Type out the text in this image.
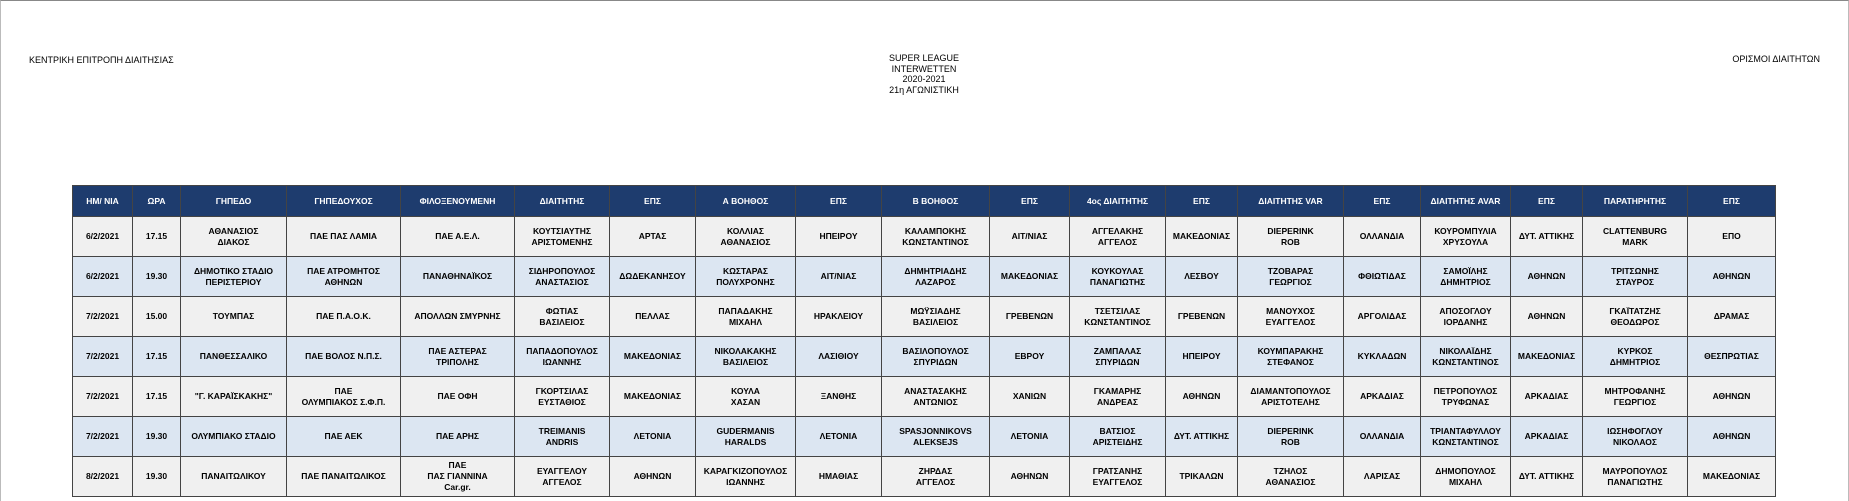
ΚΕΝΤΡΙΚΗ ΕΠΙΤΡΟΠΗ ΔΙΑΙΤΗΣΙΑΣ	SUPER LEAGUE
INTERWETTEN
2020-2021
21η ΑΓΩΝΙΣΤΙΚΗ
ΟΡΙΣΜΟΙ ΔΙΑΙΤΗΤΩΝ
ΗΜ/ ΝΙΑ	ΩΡΑ	ΓΗΠΕΔΟ	ΓΗΠΕΔΟΥΧΟΣ	ΦΙΛΟΞΕΝΟΥΜΕΝΗ	ΔΙΑΙΤΗΤΗΣ	ΕΠΣ	Α ΒΟΗΘΟΣ	ΕΠΣ	Β ΒΟΗΘΟΣ	ΕΠΣ	4ος ΔΙΑΙΤΗΤΗΣ	ΕΠΣ	ΔΙΑΙΤΗΤΗΣ VAR	ΕΠΣ	ΔΙΑΙΤΗΤΗΣ AVAR	ΕΠΣ	ΠΑΡΑΤΗΡΗΤΗΣ	ΕΠΣ

6/2/2021	17.15	ΑΘΑΝΑΣΙΟΣ
ΔΙΑΚΟΣ	ΠΑΕ ΠΑΣ ΛΑΜΙΑ	ΠΑΕ Α.Ε.Λ.	ΚΟΥΤΣΙΑΥΤΗΣ
ΑΡΙΣΤΟΜΕΝΗΣ	ΑΡΤΑΣ	ΚΟΛΛΙΑΣ
ΑΘΑΝΑΣΙΟΣ	ΗΠΕΙΡΟΥ	ΚΑΛΑΜΠΟΚΗΣ
ΚΩΝΣΤΑΝΤΙΝΟΣ	ΑΙΤ/ΝΙΑΣ	ΑΓΓΕΛΑΚΗΣ
ΑΓΓΕΛΟΣ	ΜΑΚΕΔΟΝΙΑΣ	DIEPERINK
ROB	ΟΛΛΑΝΔΙΑ	ΚΟΥΡΟΜΠΥΛΙΑ
ΧΡΥΣΟΥΛΑ	ΔΥΤ. ΑΤΤΙΚΗΣ	CLATTENBURG
MARK	ΕΠΟ

6/2/2021	19.30	ΔΗΜΟΤΙΚΟ ΣΤΑΔΙΟ
ΠΕΡΙΣΤΕΡΙΟΥ	ΠΑΕ ΑΤΡΟΜΗΤΟΣ
ΑΘΗΝΩΝ	ΠΑΝΑΘΗΝΑΪΚΟΣ	ΣΙΔΗΡΟΠΟΥΛΟΣ
ΑΝΑΣΤΑΣΙΟΣ	ΔΩΔΕΚΑΝΗΣΟΥ	ΚΩΣΤΑΡΑΣ
ΠΟΛΥΧΡΟΝΗΣ	ΑΙΤ/ΝΙΑΣ	ΔΗΜΗΤΡΙΑΔΗΣ
ΛΑΖΑΡΟΣ	ΜΑΚΕΔΟΝΙΑΣ	ΚΟΥΚΟΥΛΑΣ
ΠΑΝΑΓΙΩΤΗΣ	ΛΕΣΒΟΥ	ΤΖΟΒΑΡΑΣ
ΓΕΩΡΓΙΟΣ	ΦΘΙΩΤΙΔΑΣ	ΣΑΜΟΪΛΗΣ
ΔΗΜΗΤΡΙΟΣ	ΑΘΗΝΩΝ	ΤΡΙΤΣΩΝΗΣ
ΣΤΑΥΡΟΣ	ΑΘΗΝΩΝ

7/2/2021	15.00	ΤΟΥΜΠΑΣ	ΠΑΕ Π.Α.Ο.Κ.	ΑΠΟΛΛΩΝ ΣΜΥΡΝΗΣ	ΦΩΤΙΑΣ
ΒΑΣΙΛΕΙΟΣ	ΠΕΛΛΑΣ	ΠΑΠΑΔΑΚΗΣ
ΜΙΧΑΗΛ	ΗΡΑΚΛΕΙΟΥ	ΜΩΫΣΙΑΔΗΣ
ΒΑΣΙΛΕΙΟΣ	ΓΡΕΒΕΝΩΝ	ΤΣΕΤΣΙΛΑΣ
ΚΩΝΣΤΑΝΤΙΝΟΣ	ΓΡΕΒΕΝΩΝ	ΜΑΝΟΥΧΟΣ
ΕΥΑΓΓΕΛΟΣ	ΑΡΓΟΛΙΔΑΣ	ΑΠΟΣΟΓΛΟΥ
ΙΟΡΔΑΝΗΣ	ΑΘΗΝΩΝ	ΓΚΑΪΤΑΤΖΗΣ
ΘΕΟΔΩΡΟΣ	ΔΡΑΜΑΣ

7/2/2021	17.15	ΠΑΝΘΕΣΣΑΛΙΚΟ	ΠΑΕ ΒΟΛΟΣ Ν.Π.Σ.	ΠΑΕ ΑΣΤΕΡΑΣ
ΤΡΙΠΟΛΗΣ	ΠΑΠΑΔΟΠΟΥΛΟΣ
ΙΩΑΝΝΗΣ	ΜΑΚΕΔΟΝΙΑΣ	ΝΙΚΟΛΑΚΑΚΗΣ
ΒΑΣΙΛΕΙΟΣ	ΛΑΣΙΘΙΟΥ	ΒΑΣΙΛΟΠΟΥΛΟΣ
ΣΠΥΡΙΔΩΝ	ΕΒΡΟΥ	ΖΑΜΠΑΛΑΣ
ΣΠΥΡΙΔΩΝ	ΗΠΕΙΡΟΥ	ΚΟΥΜΠΑΡΑΚΗΣ
ΣΤΕΦΑΝΟΣ	ΚΥΚΛΑΔΩΝ	ΝΙΚΟΛΑΪΔΗΣ
ΚΩΝΣΤΑΝΤΙΝΟΣ	ΜΑΚΕΔΟΝΙΑΣ	ΚΥΡΚΟΣ
ΔΗΜΗΤΡΙΟΣ	ΘΕΣΠΡΩΤΙΑΣ

7/2/2021	17.15	"Γ. ΚΑΡΑΪΣΚΑΚΗΣ"	ΠΑΕ
ΟΛΥΜΠΙΑΚΟΣ Σ.Φ.Π.	ΠΑΕ ΟΦΗ	ΓΚΟΡΤΣΙΛΑΣ
ΕΥΣΤΑΘΙΟΣ	ΜΑΚΕΔΟΝΙΑΣ	ΚΟΥΛΑ
ΧΑΣΑΝ	ΞΑΝΘΗΣ	ΑΝΑΣΤΑΣΑΚΗΣ
ΑΝΤΩΝΙΟΣ	ΧΑΝΙΩΝ	ΓΚΑΜΑΡΗΣ
ΑΝΔΡΕΑΣ	ΑΘΗΝΩΝ	ΔΙΑΜΑΝΤΟΠΟΥΛΟΣ
ΑΡΙΣΤΟΤΕΛΗΣ	ΑΡΚΑΔΙΑΣ	ΠΕΤΡΟΠΟΥΛΟΣ
ΤΡΥΦΩΝΑΣ	ΑΡΚΑΔΙΑΣ	ΜΗΤΡΟΦΑΝΗΣ
ΓΕΩΡΓΙΟΣ	ΑΘΗΝΩΝ

7/2/2021	19.30	ΟΛΥΜΠΙΑΚΟ ΣΤΑΔΙΟ	ΠΑΕ ΑΕΚ	ΠΑΕ ΑΡΗΣ	TREIMANIS
ANDRIS	ΛΕΤΟΝΙΑ	GUDERMANIS
HARALDS	ΛΕΤΟΝΙΑ	SPASJONNIKOVS
ALEKSEJS	ΛΕΤΟΝΙΑ	ΒΑΤΣΙΟΣ
ΑΡΙΣΤΕΙΔΗΣ	ΔΥΤ. ΑΤΤΙΚΗΣ	DIEPERINK
ROB	ΟΛΛΑΝΔΙΑ	ΤΡΙΑΝΤΑΦΥΛΛΟΥ
ΚΩΝΣΤΑΝΤΙΝΟΣ	ΑΡΚΑΔΙΑΣ	ΙΩΣΗΦΟΓΛΟΥ
ΝΙΚΟΛΑΟΣ	ΑΘΗΝΩΝ

8/2/2021	19.30	ΠΑΝΑΙΤΩΛΙΚΟΥ	ΠΑΕ ΠΑΝΑΙΤΩΛΙΚΟΣ	ΠΑΕ
ΠΑΣ ΓΙΑΝΝΙΝΑ
Car.gr.	ΕΥΑΓΓΕΛΟΥ
ΑΓΓΕΛΟΣ	ΑΘΗΝΩΝ	ΚΑΡΑΓΚΙΖΟΠΟΥΛΟΣ
ΙΩΑΝΝΗΣ	ΗΜΑΘΙΑΣ	ΖΗΡΔΑΣ
ΑΓΓΕΛΟΣ	ΑΘΗΝΩΝ	ΓΡΑΤΣΑΝΗΣ
ΕΥΑΓΓΕΛΟΣ	ΤΡΙΚΑΛΩΝ	ΤΖΗΛΟΣ
ΑΘΑΝΑΣΙΟΣ	ΛΑΡΙΣΑΣ	ΔΗΜΟΠΟΥΛΟΣ
ΜΙΧΑΗΛ	ΔΥΤ. ΑΤΤΙΚΗΣ	ΜΑΥΡΟΠΟΥΛΟΣ
ΠΑΝΑΓΙΩΤΗΣ	ΜΑΚΕΔΟΝΙΑΣ
